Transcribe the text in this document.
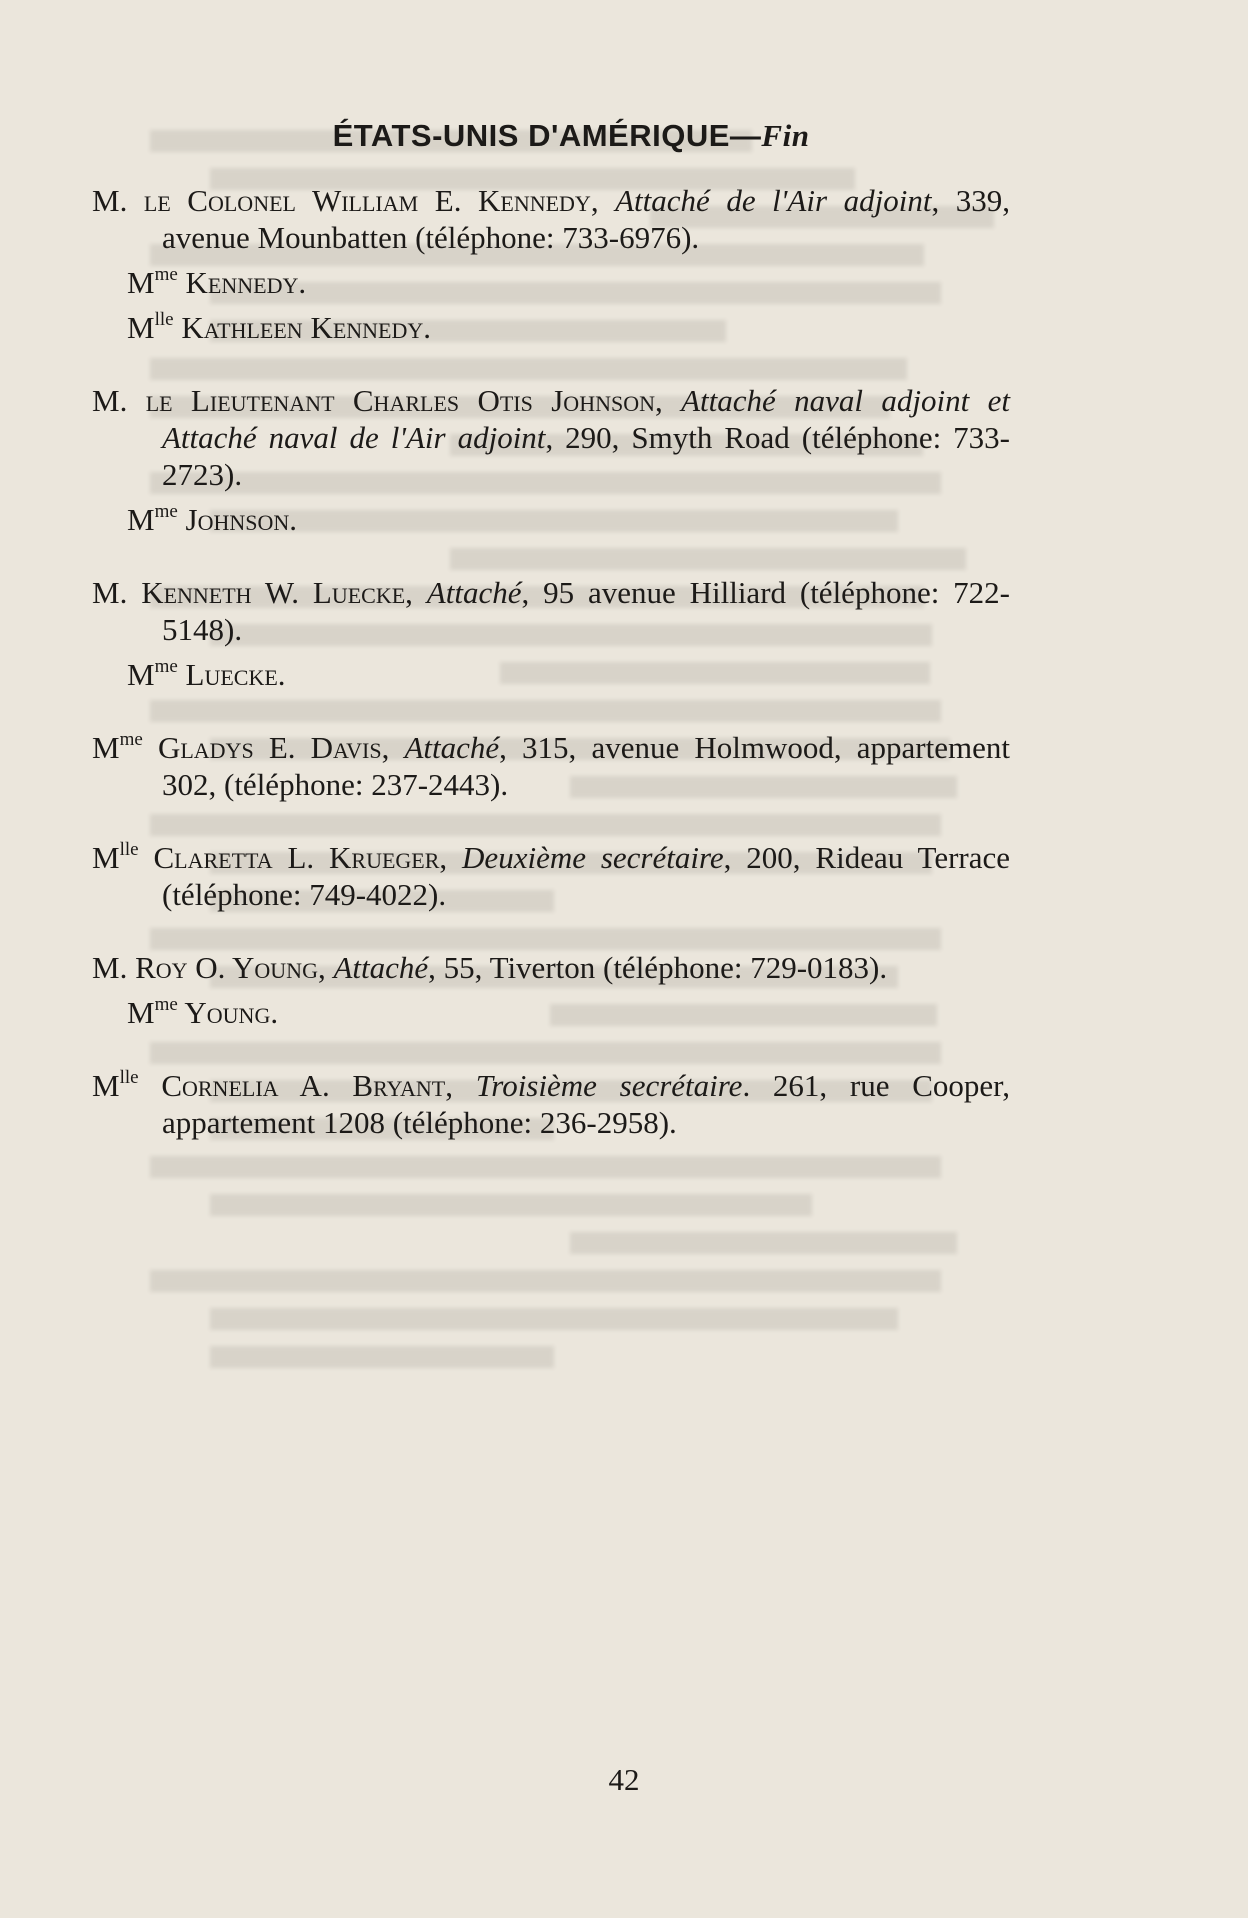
ÉTATS-UNIS D'AMÉRIQUE—Fin

M. le Colonel William E. Kennedy, Attaché de l'Air adjoint, 339, avenue Mounbatten (téléphone: 733-6976).

$M^{me}$ Kennedy.

$M^{lle}$ Kathleen Kennedy.

M. le Lieutenant Charles Otis Johnson, Attaché naval adjoint et Attaché naval de l'Air adjoint, 290, Smyth Road (téléphone: 733-2723).

$M^{me}$ Johnson.

M. Kenneth W. Luecke, Attaché, 95 avenue Hilliard (téléphone: 722-5148).

$M^{me}$ Luecke.

$M^{me}$ Gladys E. Davis, Attaché, 315, avenue Holmwood, appartement 302, (téléphone: 237-2443).

$M^{lle}$ Claretta L. Krueger, Deuxième secrétaire, 200, Rideau Terrace (téléphone: 749-4022).

M. Roy O. Young, Attaché, 55, Tiverton (téléphone: 729-0183).

$M^{me}$ Young.

$M^{lle}$ Cornelia A. Bryant, Troisième secrétaire. 261, rue Cooper, appartement 1208 (téléphone: 236-2958).

42
